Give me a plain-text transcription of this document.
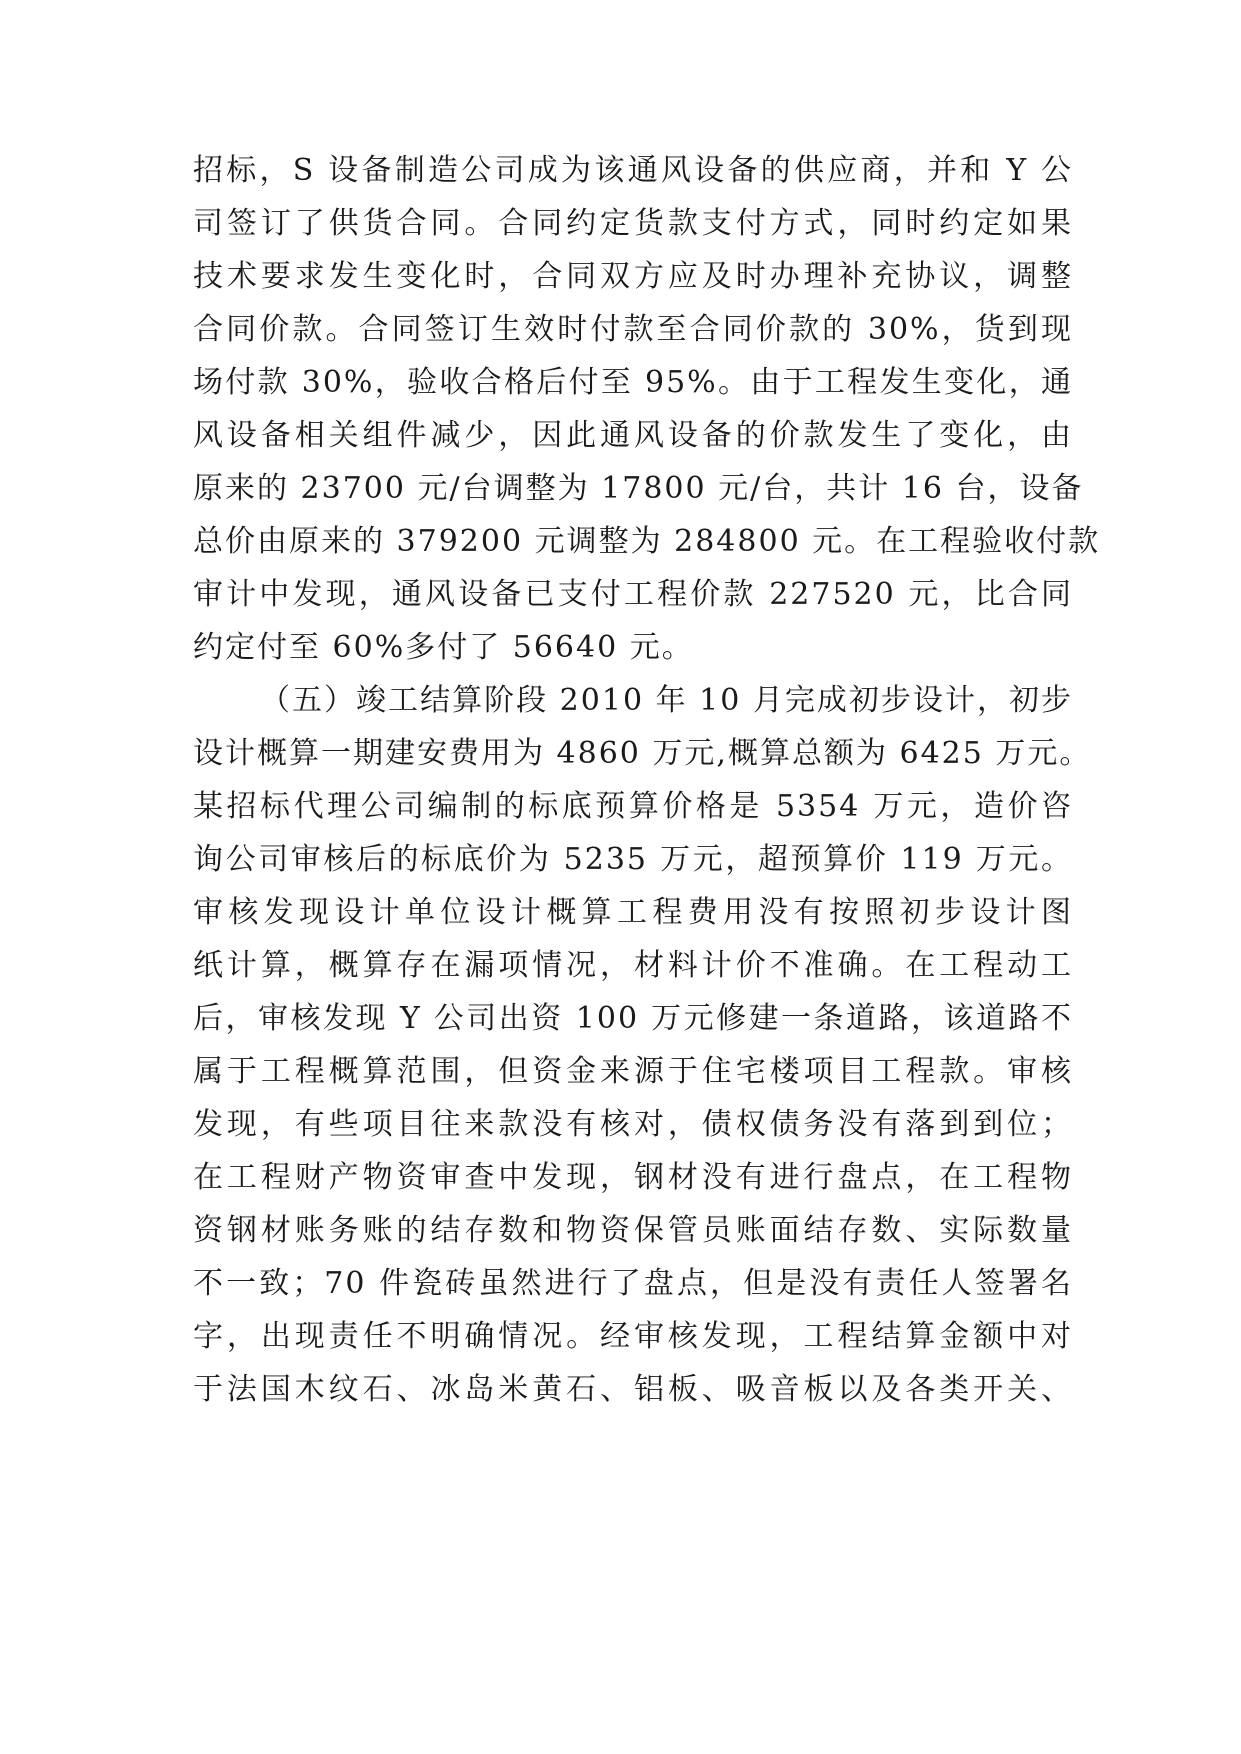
招标，S 设备制造公司成为该通风设备的供应商，并和 Y 公
司签订了供货合同。合同约定货款支付方式，同时约定如果
技术要求发生变化时，合同双方应及时办理补充协议，调整
合同价款。合同签订生效时付款至合同价款的 30%，货到现
场付款 30%，验收合格后付至 95%。由于工程发生变化，通
风设备相关组件减少，因此通风设备的价款发生了变化，由
原来的 23700 元/台调整为 17800 元/台，共计 16 台，设备
总价由原来的 379200 元调整为 284800 元。在工程验收付款
审计中发现，通风设备已支付工程价款 227520 元，比合同
约定付至 60%多付了 56640 元。
（五）竣工结算阶段 2010 年 10 月完成初步设计，初步
设计概算一期建安费用为 4860 万元,概算总额为 6425 万元。
某招标代理公司编制的标底预算价格是 5354 万元，造价咨
询公司审核后的标底价为 5235 万元，超预算价 119 万元。
审核发现设计单位设计概算工程费用没有按照初步设计图
纸计算，概算存在漏项情况，材料计价不准确。在工程动工
后，审核发现 Y 公司出资 100 万元修建一条道路，该道路不
属于工程概算范围，但资金来源于住宅楼项目工程款。审核
发现，有些项目往来款没有核对，债权债务没有落到到位；
在工程财产物资审查中发现，钢材没有进行盘点，在工程物
资钢材账务账的结存数和物资保管员账面结存数、实际数量
不一致；70 件瓷砖虽然进行了盘点，但是没有责任人签署名
字，出现责任不明确情况。经审核发现，工程结算金额中对
于法国木纹石、冰岛米黄石、铝板、吸音板以及各类开关、
